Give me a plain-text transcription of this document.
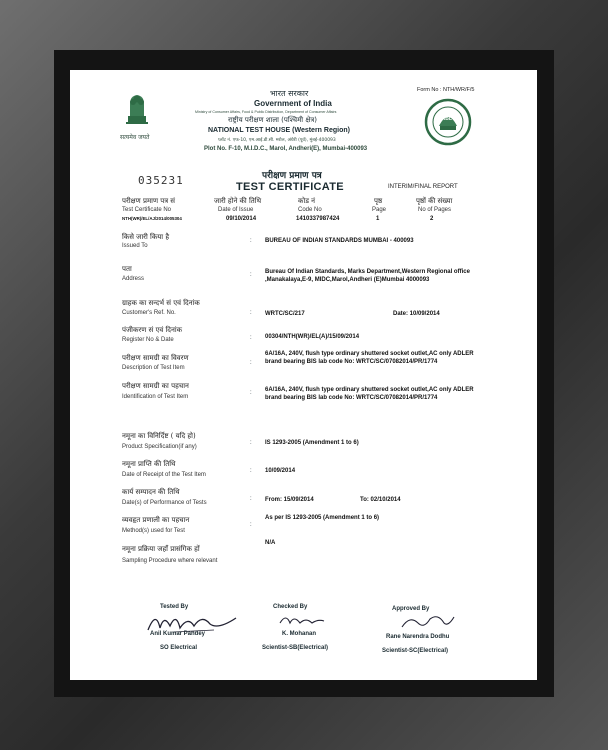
सत्यमेव जयते
भारत सरकार
Government of India
Ministry of Consumer Affairs, Food & Public Distribution, Department of Consumer Affairs
राष्ट्रीय परीक्षण शाला (पश्चिमी क्षेत्र)
NATIONAL TEST HOUSE (Western Region)
प्लॉट नं. एफ-10, एम.आई.डी.सी. मरोल, अंधेरी (पूर्व), मुंबई-400093
Plot No. F-10, M.I.D.C., Marol, Andheri(E), Mumbai-400093
Form No : NTH/WR/F/5
NABL
035231	परीक्षण प्रमाण पत्र
TEST CERTIFICATE	INTERIM/FINAL REPORT
परीक्षण प्रमाण पत्र सं
Test Certificate No
NTH(WR)/EL/AJ/2014/005304
जारी होने की तिथि
Date of Issue
09/10/2014
कोड नं
Code No
1410337987424
पृष्ठ
Page
1
पृष्ठों की संख्या
No of Pages
2
किसे जारी किया है
Issued To
: BUREAU OF INDIAN STANDARDS MUMBAI - 400093
पता
Address
: Bureau Of Indian Standards, Marks Department,Western Regional office ,Manakalaya,E-9, MIDC,Marol,Andheri (E)Mumbai 4000093
ग्राहक का सन्दर्भ सं एवं दिनांक
Customer's Ref. No.	: WRTC/SC/217	Date: 10/09/2014
पंजीकरण सं एवं दिनांक
Register No & Date	: 00304/NTH(WR)/EL(A)/15/09/2014
परीक्षण सामग्री का विवरण
Description of Test Item
:
6A/16A, 240V, flush type ordinary shuttered socket outlet,AC only ADLER brand bearing BIS lab code No: WRTC/SC/07082014/PR/1774
परीक्षण सामग्री का पहचान
Identification of Test Item
: 6A/16A, 240V, flush type ordinary shuttered socket outlet,AC only ADLER brand bearing BIS lab code No: WRTC/SC/07082014/PR/1774
नमूना का विनिर्दिष्ट ( यदि हो)
Product Specification(if any)
: IS 1293-2005 (Amendment 1 to 6)
नमूना प्राप्ति की तिथि
Date of Receipt of the Test Item
: 10/09/2014
कार्य सम्पादन की तिथि
Date(s) of Performance of Tests
: From: 15/09/2014	To: 02/10/2014
व्यवहृत प्रणाली का पहचान
Method(s) used for Test
:
As per IS 1293-2005 (Amendment 1 to 6)
नमूना प्रक्रिया जहाँ प्रासंगिक हों
Sampling Procedure where relevant
N/A
Tested By
Anil Kumar Pandey
SO Electrical
Checked By
K. Mohanan
Scientist-SB(Electrical)
Approved By
Rane Narendra Dodhu
Scientist-SC(Electrical)
